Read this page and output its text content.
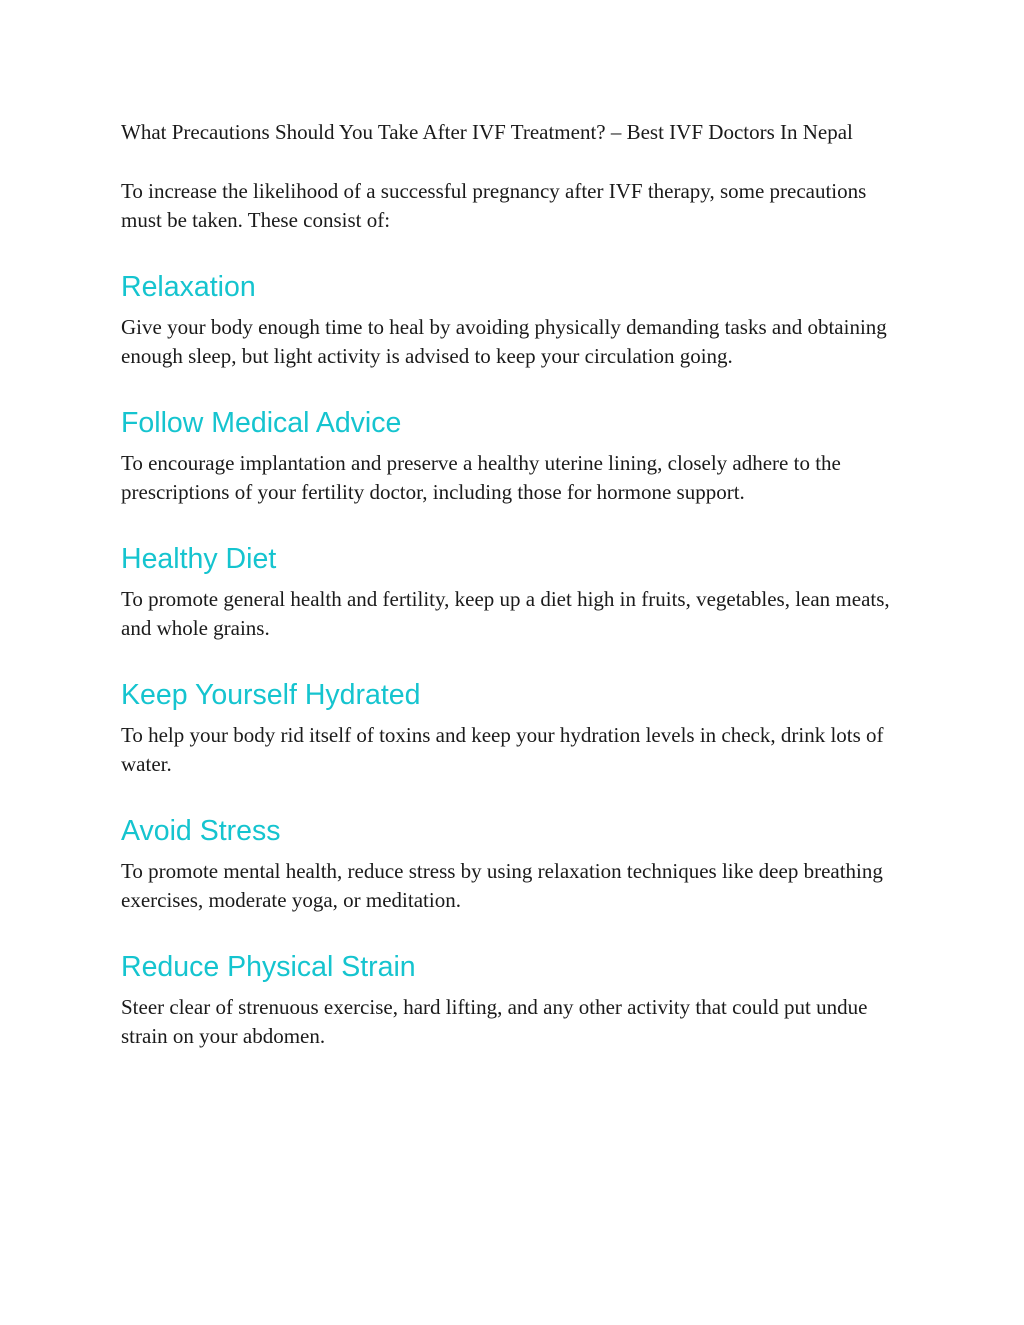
What Precautions Should You Take After IVF Treatment? – Best IVF Doctors In Nepal

To increase the likelihood of a successful pregnancy after IVF therapy, some precautions must be taken. These consist of:

Relaxation

Give your body enough time to heal by avoiding physically demanding tasks and obtaining enough sleep, but light activity is advised to keep your circulation going.

Follow Medical Advice

To encourage implantation and preserve a healthy uterine lining, closely adhere to the prescriptions of your fertility doctor, including those for hormone support.

Healthy Diet

To promote general health and fertility, keep up a diet high in fruits, vegetables, lean meats, and whole grains.

Keep Yourself Hydrated

To help your body rid itself of toxins and keep your hydration levels in check, drink lots of water.

Avoid Stress

To promote mental health, reduce stress by using relaxation techniques like deep breathing exercises, moderate yoga, or meditation.

Reduce Physical Strain

Steer clear of strenuous exercise, hard lifting, and any other activity that could put undue strain on your abdomen.
